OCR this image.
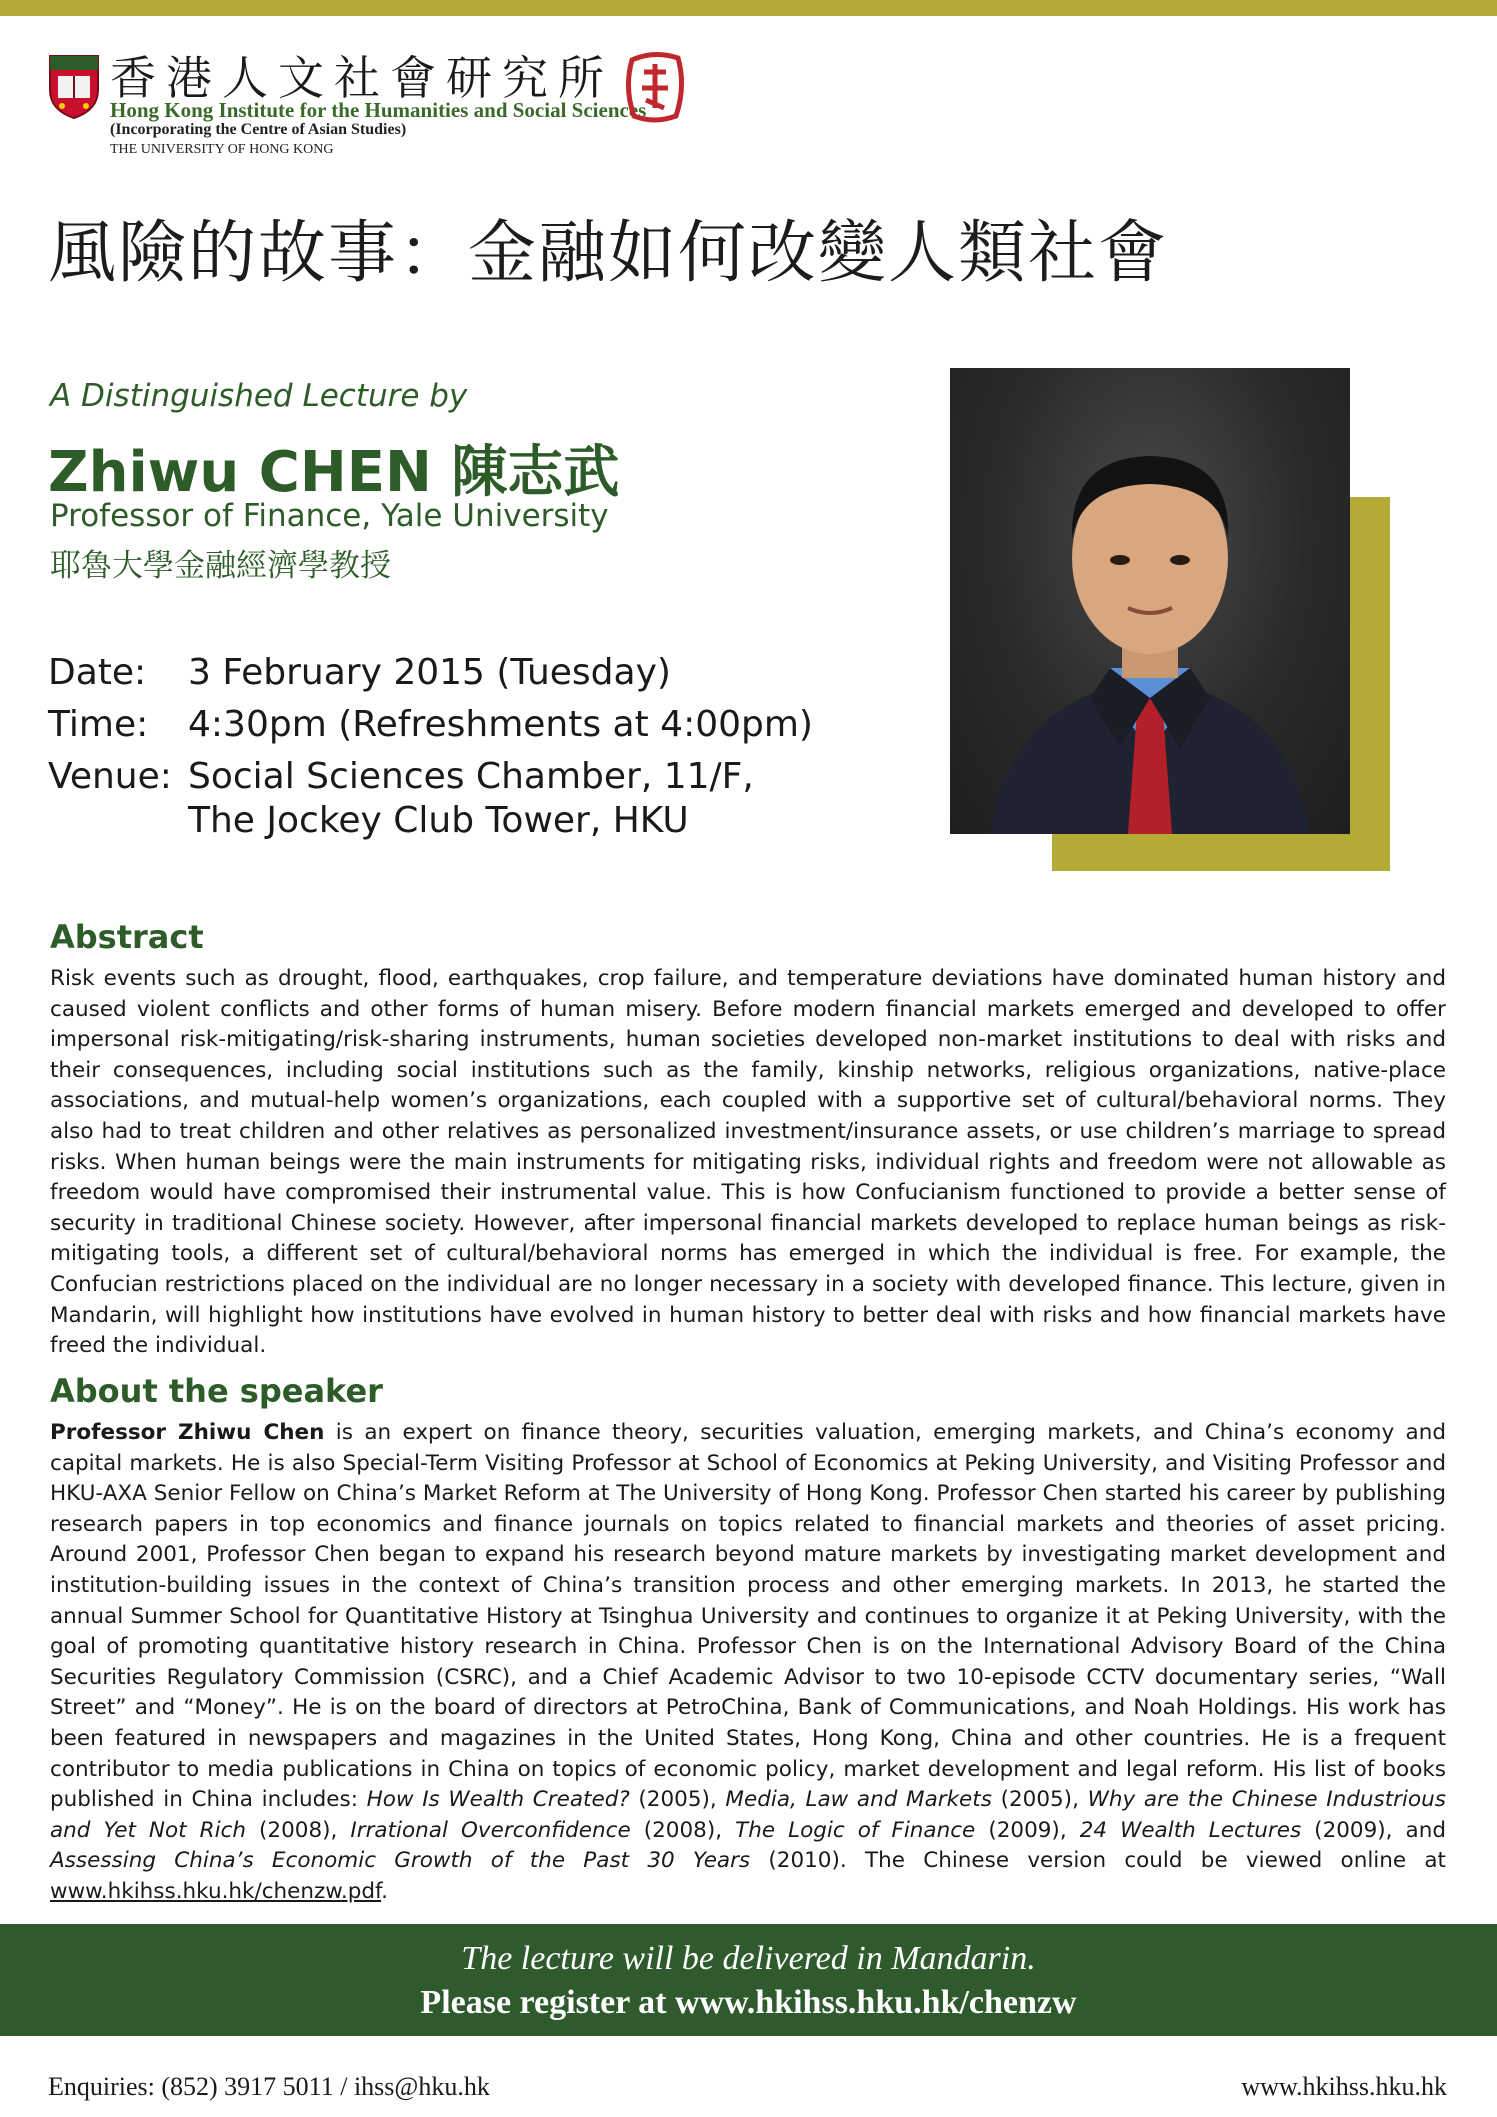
香港人文社會研究所
Hong Kong Institute for the Humanities and Social Sciences
(Incorporating the Centre of Asian Studies)
THE UNIVERSITY OF HONG KONG
風險的故事：金融如何改變人類社會
A Distinguished Lecture by
Zhiwu CHEN 陳志武
Professor of Finance, Yale University
耶魯大學金融經濟學教授
Date: 3 February 2015 (Tuesday)
Time: 4:30pm (Refreshments at 4:00pm)
Venue: Social Sciences Chamber, 11/F,
The Jockey Club Tower, HKU
Abstract
Risk events such as drought, flood, earthquakes, crop failure, and temperature deviations have dominated human history and caused violent conflicts and other forms of human misery. Before modern financial markets emerged and developed to offer impersonal risk-mitigating/risk-sharing instruments, human societies developed non-market institutions to deal with risks and their consequences, including social institutions such as the family, kinship networks, religious organizations, native-place associations, and mutual-help women’s organizations, each coupled with a supportive set of cultural/behavioral norms. They also had to treat children and other relatives as personalized investment/insurance assets, or use children’s marriage to spread risks. When human beings were the main instruments for mitigating risks, individual rights and freedom were not allowable as freedom would have compromised their instrumental value. This is how Confucianism functioned to provide a better sense of security in traditional Chinese society. However, after impersonal financial markets developed to replace human beings as risk-mitigating tools, a different set of cultural/behavioral norms has emerged in which the individual is free. For example, the Confucian restrictions placed on the individual are no longer necessary in a society with developed finance. This lecture, given in Mandarin, will highlight how institutions have evolved in human history to better deal with risks and how financial markets have freed the individual.
About the speaker
Professor Zhiwu Chen is an expert on finance theory, securities valuation, emerging markets, and China’s economy and capital markets. He is also Special-Term Visiting Professor at School of Economics at Peking University, and Visiting Professor and HKU-AXA Senior Fellow on China’s Market Reform at The University of Hong Kong. Professor Chen started his career by publishing research papers in top economics and finance journals on topics related to financial markets and theories of asset pricing. Around 2001, Professor Chen began to expand his research beyond mature markets by investigating market development and institution-building issues in the context of China’s transition process and other emerging markets. In 2013, he started the annual Summer School for Quantitative History at Tsinghua University and continues to organize it at Peking University, with the goal of promoting quantitative history research in China. Professor Chen is on the International Advisory Board of the China Securities Regulatory Commission (CSRC), and a Chief Academic Advisor to two 10-episode CCTV documentary series, “Wall Street” and “Money”. He is on the board of directors at PetroChina, Bank of Communications, and Noah Holdings. His work has been featured in newspapers and magazines in the United States, Hong Kong, China and other countries. He is a frequent contributor to media publications in China on topics of economic policy, market development and legal reform. His list of books published in China includes: How Is Wealth Created? (2005), Media, Law and Markets (2005), Why are the Chinese Industrious and Yet Not Rich (2008), Irrational Overconfidence (2008), The Logic of Finance (2009), 24 Wealth Lectures (2009), and Assessing China’s Economic Growth of the Past 30 Years (2010). The Chinese version could be viewed online at www.hkihss.hku.hk/chenzw.pdf.
The lecture will be delivered in Mandarin.
Please register at www.hkihss.hku.hk/chenzw
Enquiries: (852) 3917 5011 / ihss@hku.hk	www.hkihss.hku.hk
